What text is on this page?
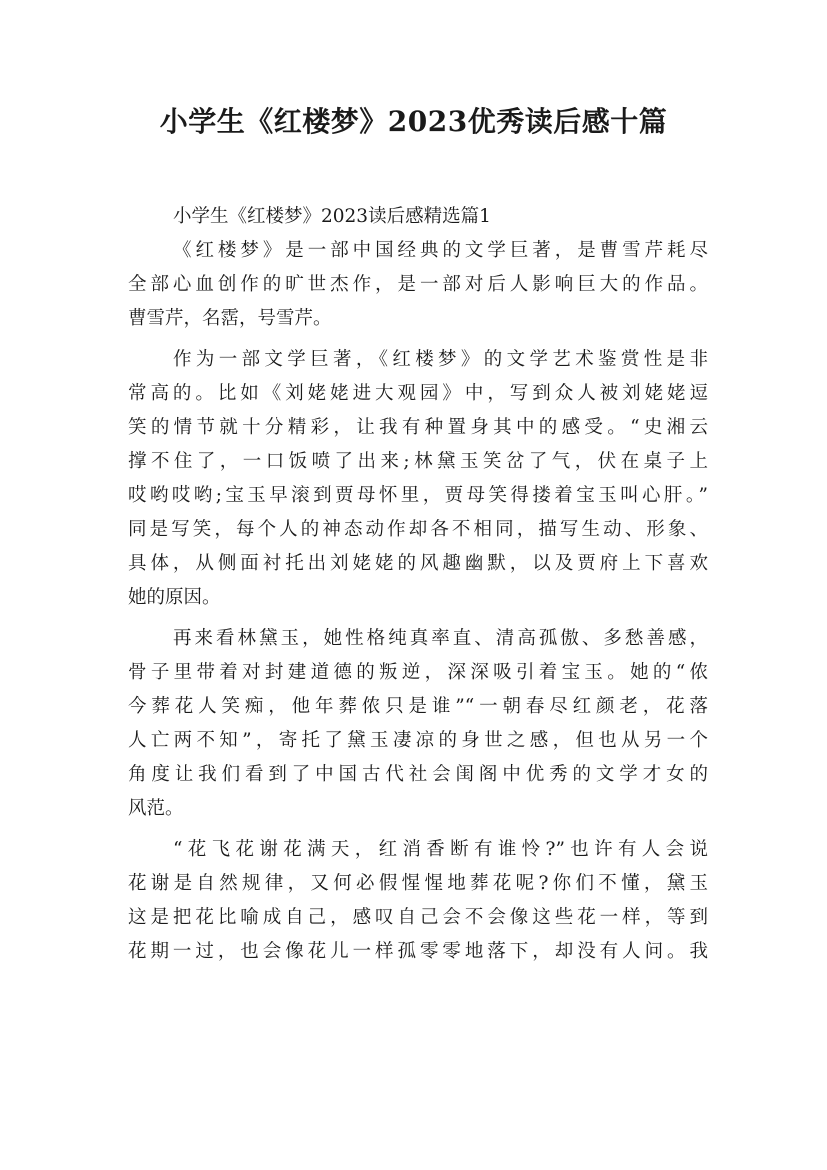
小学生《红楼梦》2023优秀读后感十篇
小学生《红楼梦》2023读后感精选篇1
《红楼梦》是一部中国经典的文学巨著，是曹雪芹耗尽
全部心血创作的旷世杰作，是一部对后人影响巨大的作品。
曹雪芹，名霑，号雪芹。
作为一部文学巨著，《红楼梦》的文学艺术鉴赏性是非
常高的。比如《刘姥姥进大观园》中，写到众人被刘姥姥逗
笑的情节就十分精彩，让我有种置身其中的感受。“史湘云
撑不住了，一口饭喷了出来;林黛玉笑岔了气，伏在桌子上
哎哟哎哟;宝玉早滚到贾母怀里，贾母笑得搂着宝玉叫心肝。”
同是写笑，每个人的神态动作却各不相同，描写生动、形象、
具体，从侧面衬托出刘姥姥的风趣幽默，以及贾府上下喜欢
她的原因。
再来看林黛玉，她性格纯真率直、清高孤傲、多愁善感，
骨子里带着对封建道德的叛逆，深深吸引着宝玉。她的“侬
今葬花人笑痴，他年葬侬只是谁”“一朝春尽红颜老，花落
人亡两不知”，寄托了黛玉凄凉的身世之感，但也从另一个
角度让我们看到了中国古代社会闺阁中优秀的文学才女的
风范。
“花飞花谢花满天，红消香断有谁怜?”也许有人会说
花谢是自然规律，又何必假惺惺地葬花呢?你们不懂，黛玉
这是把花比喻成自己，感叹自己会不会像这些花一样，等到
花期一过，也会像花儿一样孤零零地落下，却没有人问。我
